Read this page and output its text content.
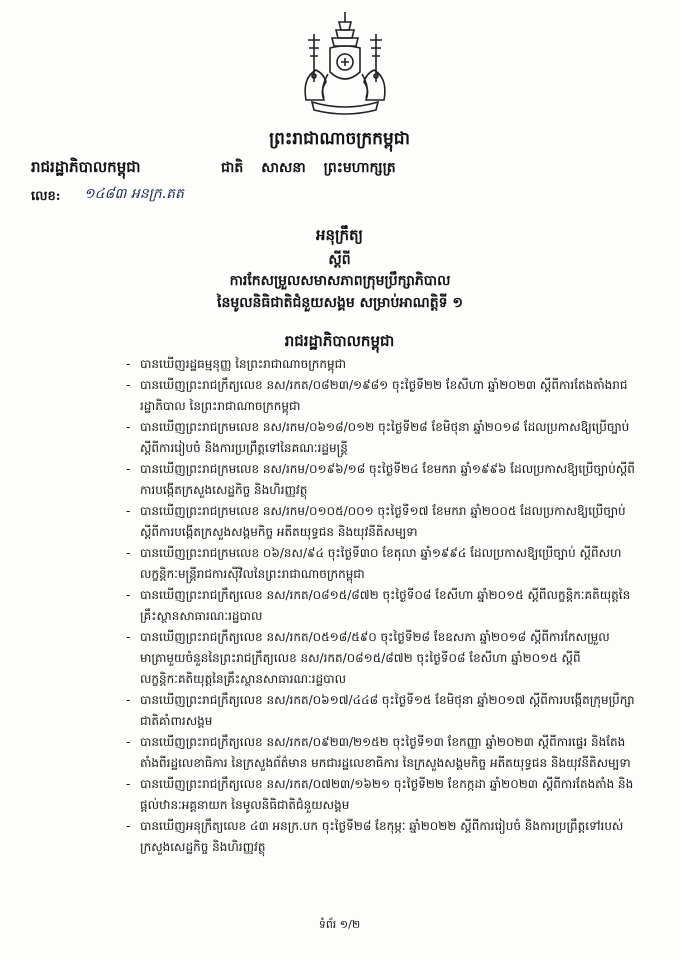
ព្រះរាជាណាចក្រកម្ពុជា
រាជរដ្ឋាភិបាលកម្ពុជា	ជាតិ សាសនា ព្រះមហាក្សត្រ
លេខ: ១៤៨៣ អនក្រ.តត
អនុក្រឹត្យ
ស្ដីពី
ការកែសម្រួលសមាសភាពក្រុមប្រឹក្សាភិបាល
នៃមូលនិធិជាតិជំនួយសង្គម សម្រាប់អាណត្តិទី ១
រាជរដ្ឋាភិបាលកម្ពុជា
- បានឃើញរដ្ឋធម្មនុញ្ញ នៃព្រះរាជាណាចក្រកម្ពុជា
- បានឃើញព្រះរាជក្រឹត្យលេខ នស/រកត/០៨២៣/១៩៨១ ចុះថ្ងៃទី២២ ខែសីហា ឆ្នាំ២០២៣ ស្ដីពីការតែងតាំងរាជរដ្ឋាភិបាល នៃព្រះរាជាណាចក្រកម្ពុជា
- បានឃើញព្រះរាជក្រមលេខ នស/រកម/០៦១៨/០១២ ចុះថ្ងៃទី២៨ ខែមិថុនា ឆ្នាំ២០១៨ ដែលប្រកាសឱ្យប្រើច្បាប់ស្ដីពីការរៀបចំ និងការប្រព្រឹត្តទៅនៃគណៈរដ្ឋមន្ត្រី
- បានឃើញព្រះរាជក្រមលេខ នស/រកម/០១៩៦/១៨ ចុះថ្ងៃទី២៤ ខែមករា ឆ្នាំ១៩៩៦ ដែលប្រកាសឱ្យប្រើច្បាប់ស្ដីពីការបង្កើតក្រសួងសេដ្ឋកិច្ច និងហិរញ្ញវត្ថុ
- បានឃើញព្រះរាជក្រមលេខ នស/រកម/០១០៥/០០១ ចុះថ្ងៃទី១៧ ខែមករា ឆ្នាំ២០០៥ ដែលប្រកាសឱ្យប្រើច្បាប់ស្ដីពីការបង្កើតក្រសួងសង្គមកិច្ច អតីតយុទ្ធជន និងយុវនីតិសម្បទា
- បានឃើញព្រះរាជក្រមលេខ ០៦/នស/៩៤ ចុះថ្ងៃទី៣០ ខែតុលា ឆ្នាំ១៩៩៤ ដែលប្រកាសឱ្យប្រើច្បាប់ ស្ដីពីសហលក្ខន្តិកៈមន្ត្រីរាជការស៊ីវិលនៃព្រះរាជាណាចក្រកម្ពុជា
- បានឃើញព្រះរាជក្រឹត្យលេខ នស/រកត/០៨១៥/៨៧២ ចុះថ្ងៃទី០៨ ខែសីហា ឆ្នាំ២០១៥ ស្ដីពីលក្ខន្តិកៈគតិយុត្តនៃគ្រឹះស្ថានសាធារណៈរដ្ឋបាល
- បានឃើញព្រះរាជក្រឹត្យលេខ នស/រកត/០៥១៨/៥៩០ ចុះថ្ងៃទី២៨ ខែឧសភា ឆ្នាំ២០១៨ ស្ដីពីការកែសម្រួលមាត្រាមួយចំនួននៃព្រះរាជក្រឹត្យលេខ នស/រកត/០៨១៥/៨៧២ ចុះថ្ងៃទី០៨ ខែសីហា ឆ្នាំ២០១៥ ស្ដីពីលក្ខន្តិកៈគតិយុត្តនៃគ្រឹះស្ថានសាធារណៈរដ្ឋបាល
- បានឃើញព្រះរាជក្រឹត្យលេខ នស/រកត/០៦១៧/៤៤៨ ចុះថ្ងៃទី១៥ ខែមិថុនា ឆ្នាំ២០១៧ ស្ដីពីការបង្កើតក្រុមប្រឹក្សាជាតិគាំពារសង្គម
- បានឃើញព្រះរាជក្រឹត្យលេខ នស/រកត/០៩២៣/២១៥២ ចុះថ្ងៃទី១៣ ខែកញ្ញា ឆ្នាំ២០២៣ ស្ដីពីការផ្ទេរ និងតែងតាំងពីរដ្ឋលេខាធិការ នៃក្រសួងព័ត៌មាន មកជារដ្ឋលេខាធិការ នៃក្រសួងសង្គមកិច្ច អតីតយុទ្ធជន និងយុវនីតិសម្បទា
- បានឃើញព្រះរាជក្រឹត្យលេខ នស/រកត/០៧២៣/១៦២១ ចុះថ្ងៃទី២២ ខែកក្កដា ឆ្នាំ២០២៣ ស្ដីពីការតែងតាំង និងផ្ដល់ឋានៈអគ្គនាយក នៃមូលនិធិជាតិជំនួយសង្គម
- បានឃើញអនុក្រឹត្យលេខ ៤៣ អនក្រ.បក ចុះថ្ងៃទី២៨ ខែកុម្ភៈ ឆ្នាំ២០២២ ស្ដីពីការរៀបចំ និងការប្រព្រឹត្តទៅរបស់ក្រសួងសេដ្ឋកិច្ច និងហិរញ្ញវត្ថុ
ទំព័រ ១/២
